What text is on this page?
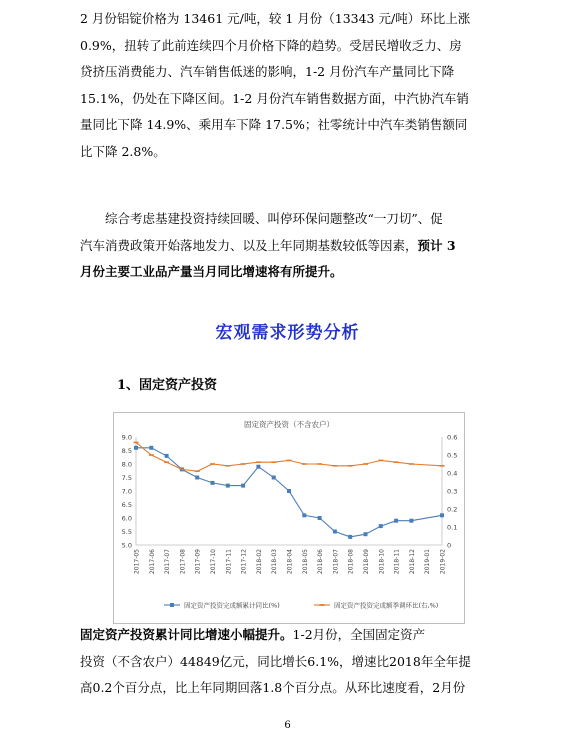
2 月份铝锭价格为 13461 元/吨，较 1 月份（13343 元/吨）环比上涨
0.9%，扭转了此前连续四个月价格下降的趋势。受居民增收乏力、房
贷挤压消费能力、汽车销售低迷的影响，1-2 月份汽车产量同比下降
15.1%，仍处在下降区间。1-2 月份汽车销售数据方面，中汽协汽车销
量同比下降 14.9%、乘用车下降 17.5%；社零统计中汽车类销售额同
比下降 2.8%。

综合考虑基建投资持续回暖、叫停环保问题整改“一刀切”、促
汽车消费政策开始落地发力、以及上年同期基数较低等因素，预计 3
月份主要工业品产量当月同比增速将有所提升。

宏观需求形势分析
1、固定资产投资
固定资产投资（不含农户）
5.0
5.5
6.0
6.5
7.0
7.5
8.0
8.5
9.0
0
0.1
0.2
0.3
0.4
0.5
0.6
2017-05 2017-06 2017-07 2017-08 2017-09 2017-10 2017-11 2017-12 2018-02 2018-03 2018-04 2018-05 2018-06 2018-07 2018-08 2018-09 2018-10 2018-11 2018-12 2019-01 2019-02
固定资产投资完成额累计同比(%)	固定资产投资完成额季调环比(右,%)

固定资产投资累计同比增速小幅提升。1-2月份，全国固定资产
投资（不含农户）44849亿元，同比增长6.1%，增速比2018年全年提
高0.2个百分点，比上年同期回落1.8个百分点。从环比速度看，2月份

6
